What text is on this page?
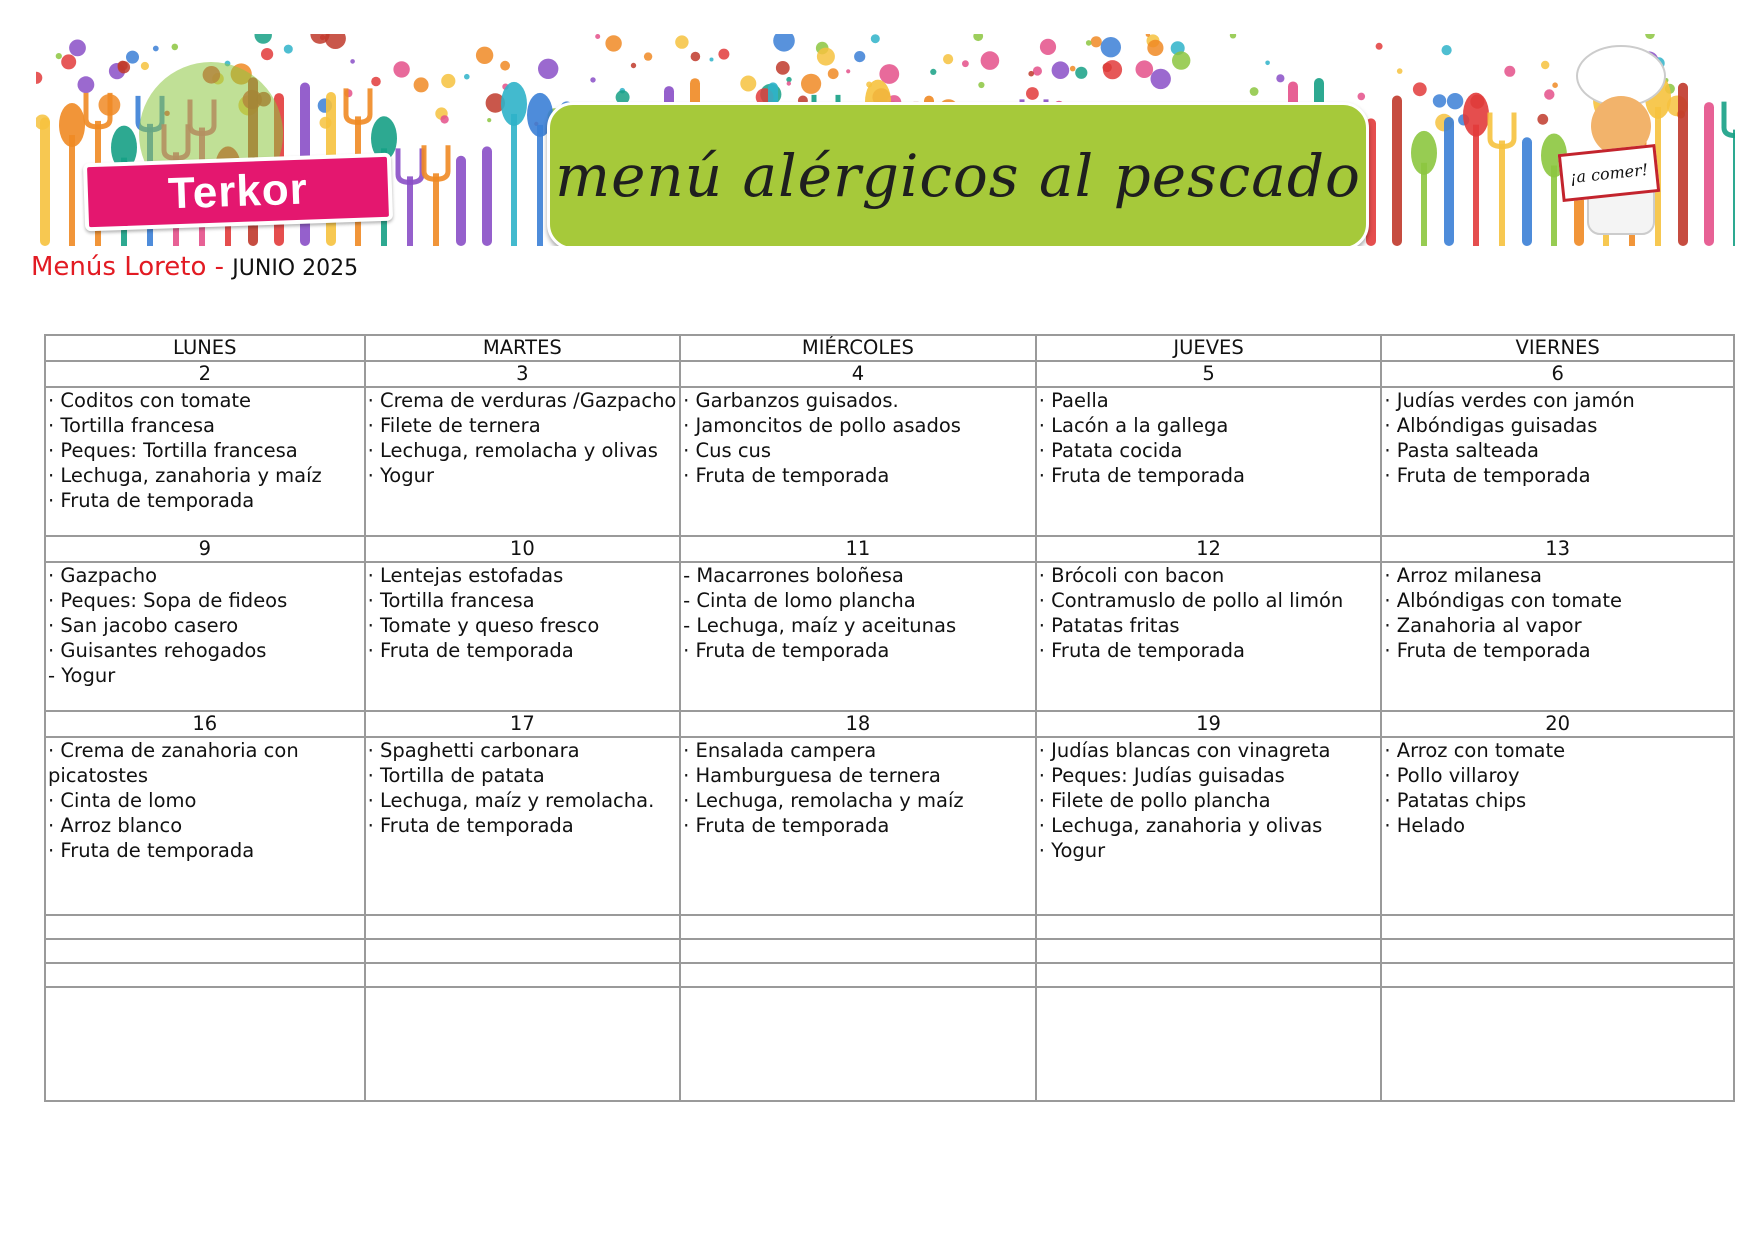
Terkor	menú alérgicos al pescado	¡a comer!
Menús Loreto - JUNIO 2025
LUNES	MARTES	MIÉRCOLES	JUEVES	VIERNES
2	3	4	5	6

· Coditos con tomate
· Tortilla francesa
· Peques: Tortilla francesa
· Lechuga, zanahoria y maíz
· Fruta de temporada	· Crema de verduras /Gazpacho
· Filete de ternera
· Lechuga, remolacha y olivas
· Yogur	· Garbanzos guisados.
· Jamoncitos de pollo asados
· Cus cus
· Fruta de temporada	· Paella
· Lacón a la gallega
· Patata cocida
· Fruta de temporada	· Judías verdes con jamón
· Albóndigas guisadas
· Pasta salteada
· Fruta de temporada

9	10	11	12	13

· Gazpacho
· Peques: Sopa de fideos
· San jacobo casero
· Guisantes rehogados
- Yogur	· Lentejas estofadas
· Tortilla francesa
· Tomate y queso fresco
· Fruta de temporada	- Macarrones boloñesa
- Cinta de lomo plancha
- Lechuga, maíz y aceitunas
· Fruta de temporada	· Brócoli con bacon
· Contramuslo de pollo al limón
· Patatas fritas
· Fruta de temporada	· Arroz milanesa
· Albóndigas con tomate
· Zanahoria al vapor
· Fruta de temporada

16	17	18	19	20

· Crema de zanahoria con picatostes
· Cinta de lomo
· Arroz blanco
· Fruta de temporada	· Spaghetti carbonara
· Tortilla de patata
· Lechuga, maíz y remolacha.
· Fruta de temporada	· Ensalada campera
· Hamburguesa de ternera
· Lechuga, remolacha y maíz
· Fruta de temporada	· Judías blancas con vinagreta
· Peques: Judías guisadas
· Filete de pollo plancha
· Lechuga, zanahoria y olivas
· Yogur	· Arroz con tomate
· Pollo villaroy
· Patatas chips
· Helado
